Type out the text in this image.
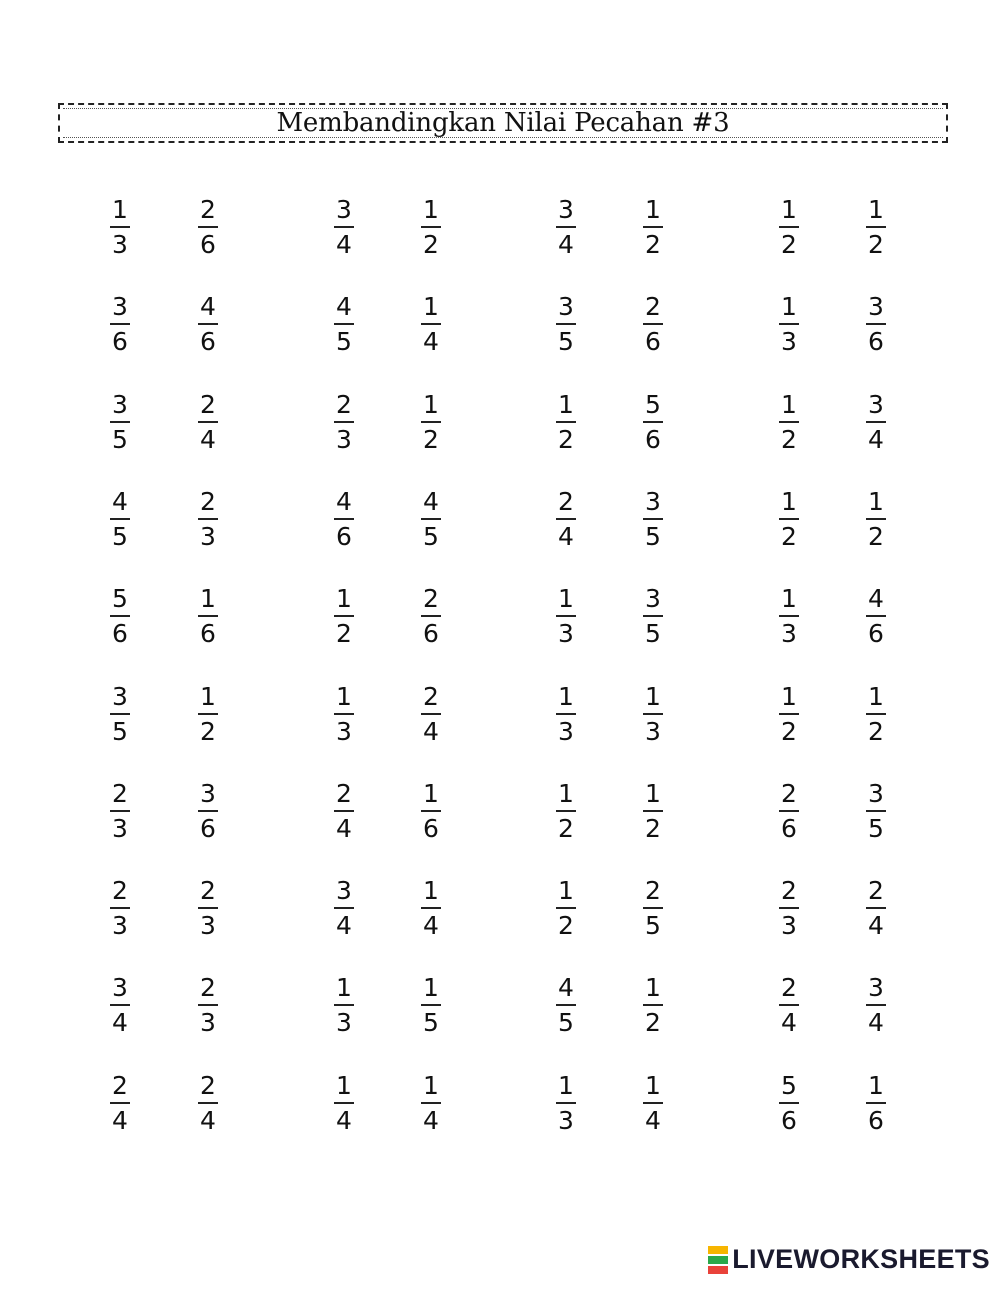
Membandingkan Nilai Pecahan #3
1
3
2
6
3
4
1
2
3
4
1
2
1
2
1
2
3
6
4
6
4
5
1
4
3
5
2
6
1
3
3
6
3
5
2
4
2
3
1
2
1
2
5
6
1
2
3
4
4
5
2
3
4
6
4
5
2
4
3
5
1
2
1
2
5
6
1
6
1
2
2
6
1
3
3
5
1
3
4
6
3
5
1
2
1
3
2
4
1
3
1
3
1
2
1
2
2
3
3
6
2
4
1
6
1
2
1
2
2
6
3
5
2
3
2
3
3
4
1
4
1
2
2
5
2
3
2
4
3
4
2
3
1
3
1
5
4
5
1
2
2
4
3
4
2
4
2
4
1
4
1
4
1
3
1
4
5
6
1
6
LIVEWORKSHEETS
